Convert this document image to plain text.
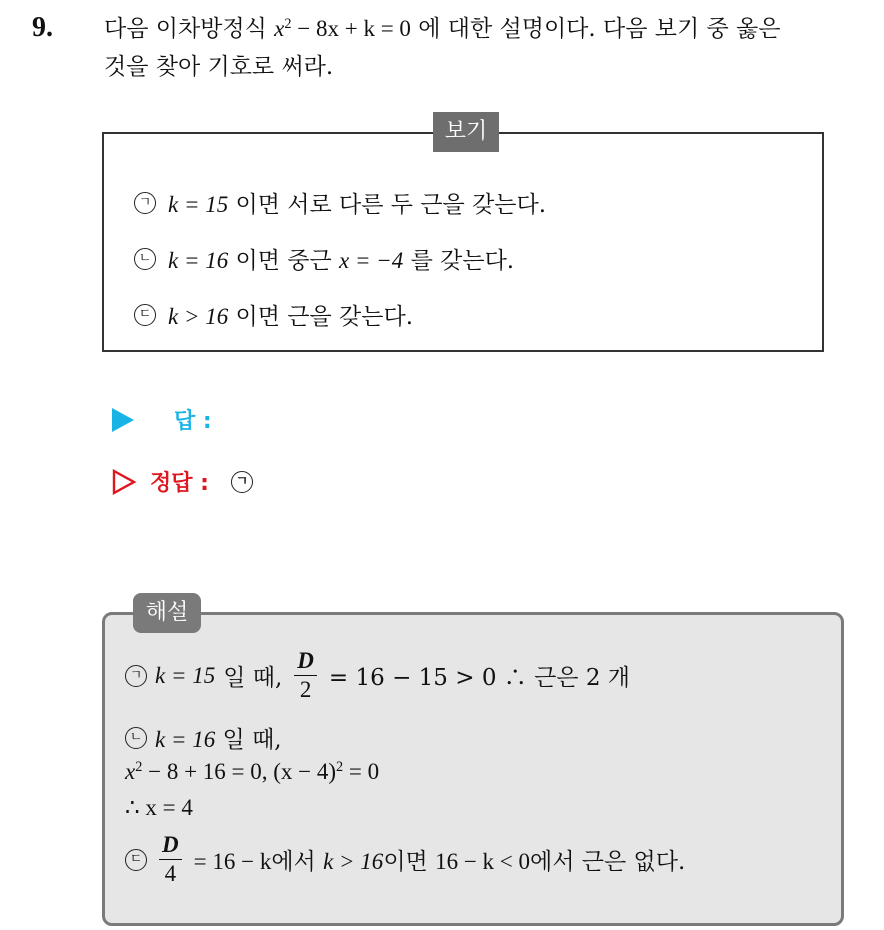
9. 다음 이차방정식 $x^2 - 8x + k = 0$ 에 대한 설명이다. 다음 보기 중 옳은
것을 찾아 기호로 써라.
보기
ㄱ k = 15 이면 서로 다른 두 근을 갖는다.
ㄴ k = 16 이면 중근 x = −4 를 갖는다.
ㄷ k > 16 이면 근을 갖는다.
답 :
정답 :	ㄱ
해설
ㄱ k = 15 일 때, $\frac{D}{2} = 16 - 15 > 0$ ∴ 근은 2 개
ㄴ k = 16 일 때,
$x^2 - 8 + 16 = 0$, $(x - 4)^2 = 0$
∴ x = 4
ㄷ $\frac{D}{4} = 16 - k$에서 k > 16이면 16 − k < 0에서 근은 없다.
